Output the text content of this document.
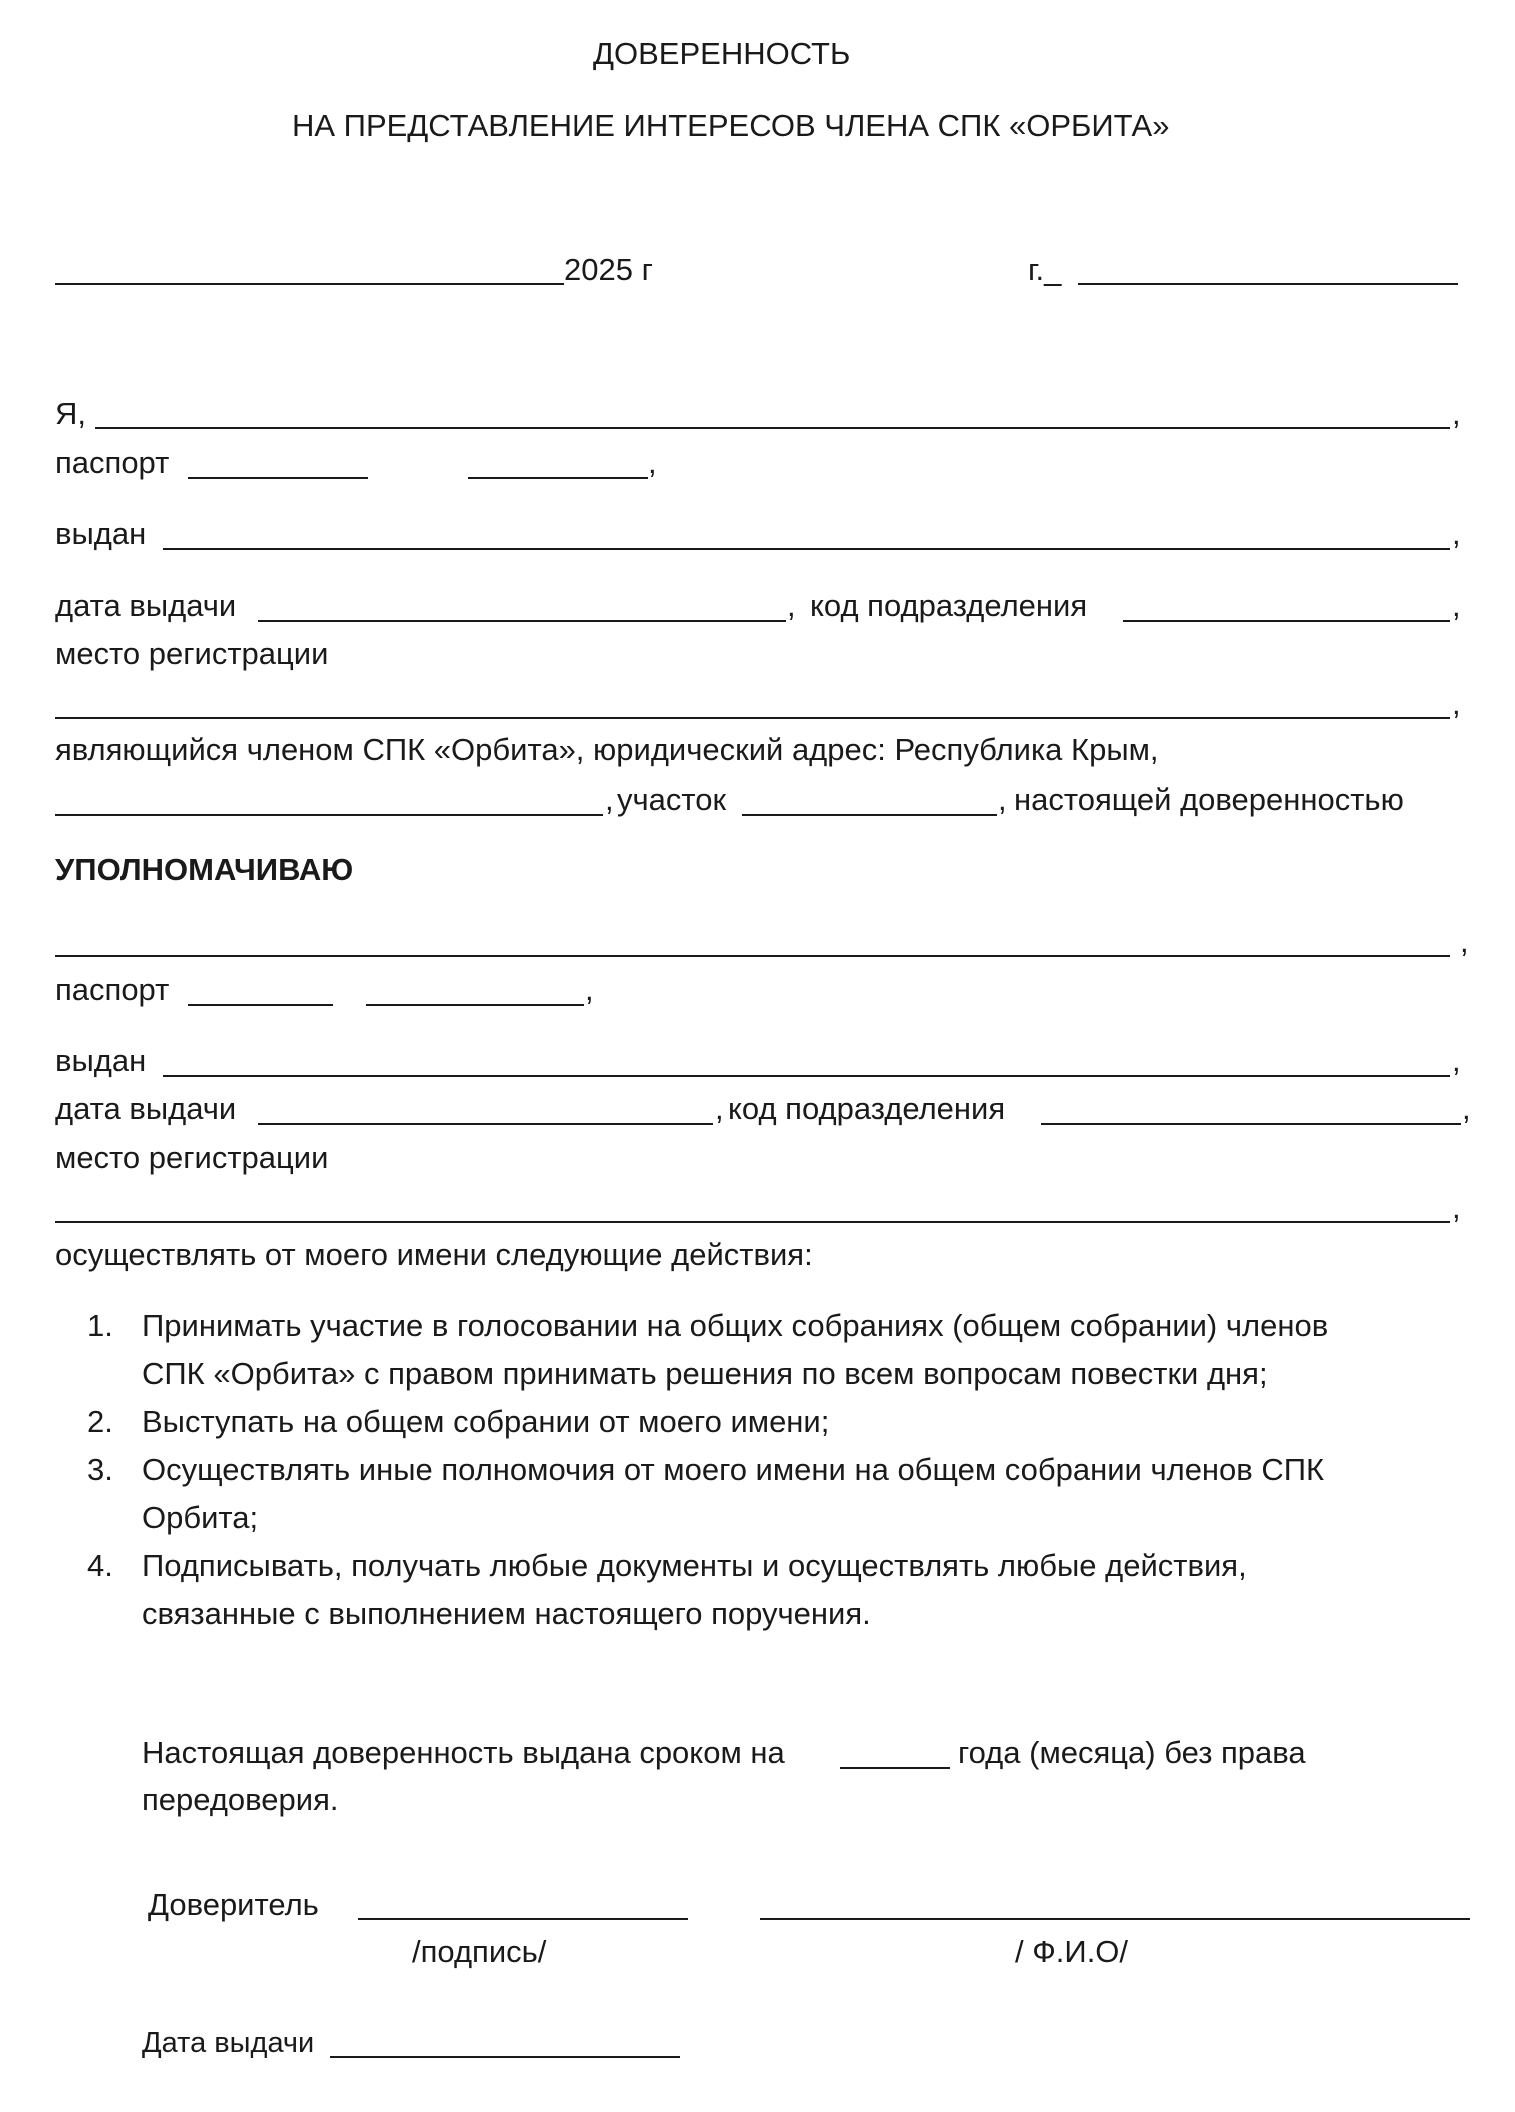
ДОВЕРЕННОСТЬ
НА ПРЕДСТАВЛЕНИЕ ИНТЕРЕСОВ ЧЛЕНА СПК «ОРБИТА»
2025 г	г._
Я,	,
паспорт	,
выдан	,
дата выдачи	, код подразделения	,
место регистрации
,
являющийся членом СПК «Орбита», юридический адрес: Республика Крым,
, участок	, настоящей доверенностью
УПОЛНОМАЧИВАЮ
,
паспорт	,
выдан	,
дата выдачи	, код подразделения	,
место регистрации
,
осуществлять от моего имени следующие действия:
1. Принимать участие в голосовании на общих собраниях (общем собрании) членов
СПК «Орбита» с правом принимать решения по всем вопросам повестки дня;
2. Выступать на общем собрании от моего имени;
3. Осуществлять иные полномочия от моего имени на общем собрании членов СПК
Орбита;
4. Подписывать, получать любые документы и осуществлять любые действия,
связанные с выполнением настоящего поручения.
Настоящая доверенность выдана сроком на	года (месяца) без права
передоверия.
Доверитель
/подпись/	/ Ф.И.О/
Дата выдачи
